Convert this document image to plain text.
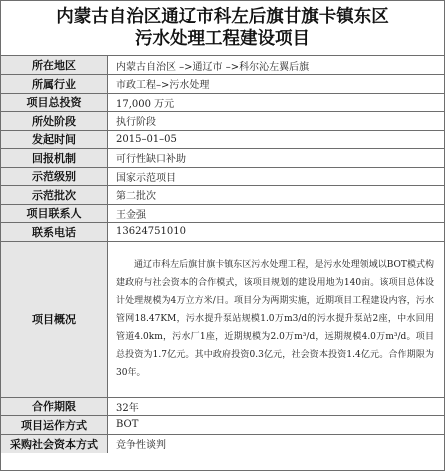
内蒙古自治区通辽市科左后旗甘旗卡镇东区
污水处理工程建设项目
所在地区	内蒙古自治区 –>通辽市 –>科尔沁左翼后旗
所属行业	市政工程–>污水处理
项目总投资	17,000 万元
所处阶段	执行阶段
发起时间	2015–01–05
回报机制	可行性缺口补助
示范级别	国家示范项目
示范批次	第二批次
项目联系人	王金强
联系电话	13624751010
项目概况	通辽市科左后旗甘旗卡镇东区污水处理工程，是污水处理领域以BOT模式构建政府与社会资本的合作模式，该项目规划的建设用地为140亩。该项目总体设计处理规模为4万立方米/日。项目分为两期实施，近期项目工程建设内容，污水管网18.47KM，污水提升泵站规模1.0万m3/d的污水提升泵站2座，中水回用管道4.0km，污水厂1座，近期规模为2.0万m³/d，远期规模4.0万m³/d。项目总投资为1.7亿元。其中政府投资0.3亿元，社会资本投资1.4亿元。合作期限为30年。

合作期限	32年
项目运作方式	BOT
采购社会资本方式	竞争性谈判
